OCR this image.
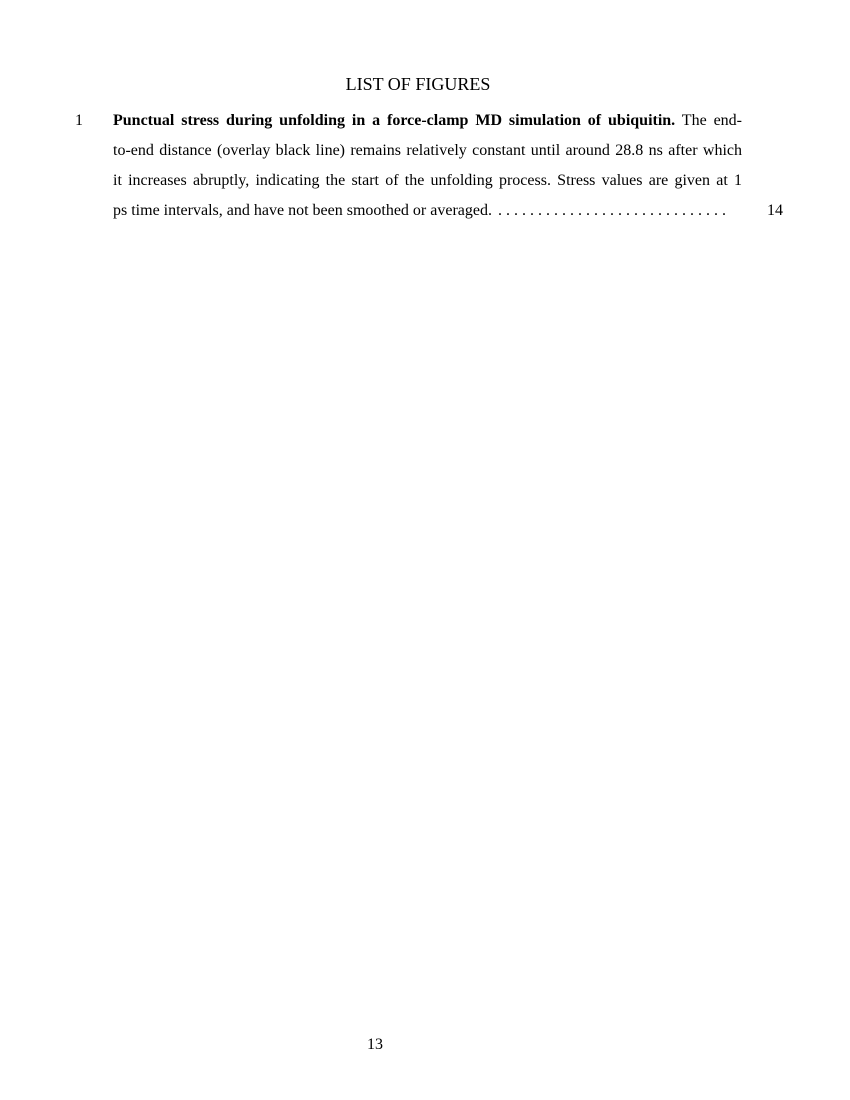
LIST OF FIGURES
1 Punctual stress during unfolding in a force-clamp MD simulation of ubiquitin. The end-
to-end distance (overlay black line) remains relatively constant until around 28.8 ns after which
it increases abruptly, indicating the start of the unfolding process. Stress values are given at 1
ps time intervals, and have not been smoothed or averaged. . . . . . . . . . . . . . . . . . . . . . . . . . . . . .	14
13
